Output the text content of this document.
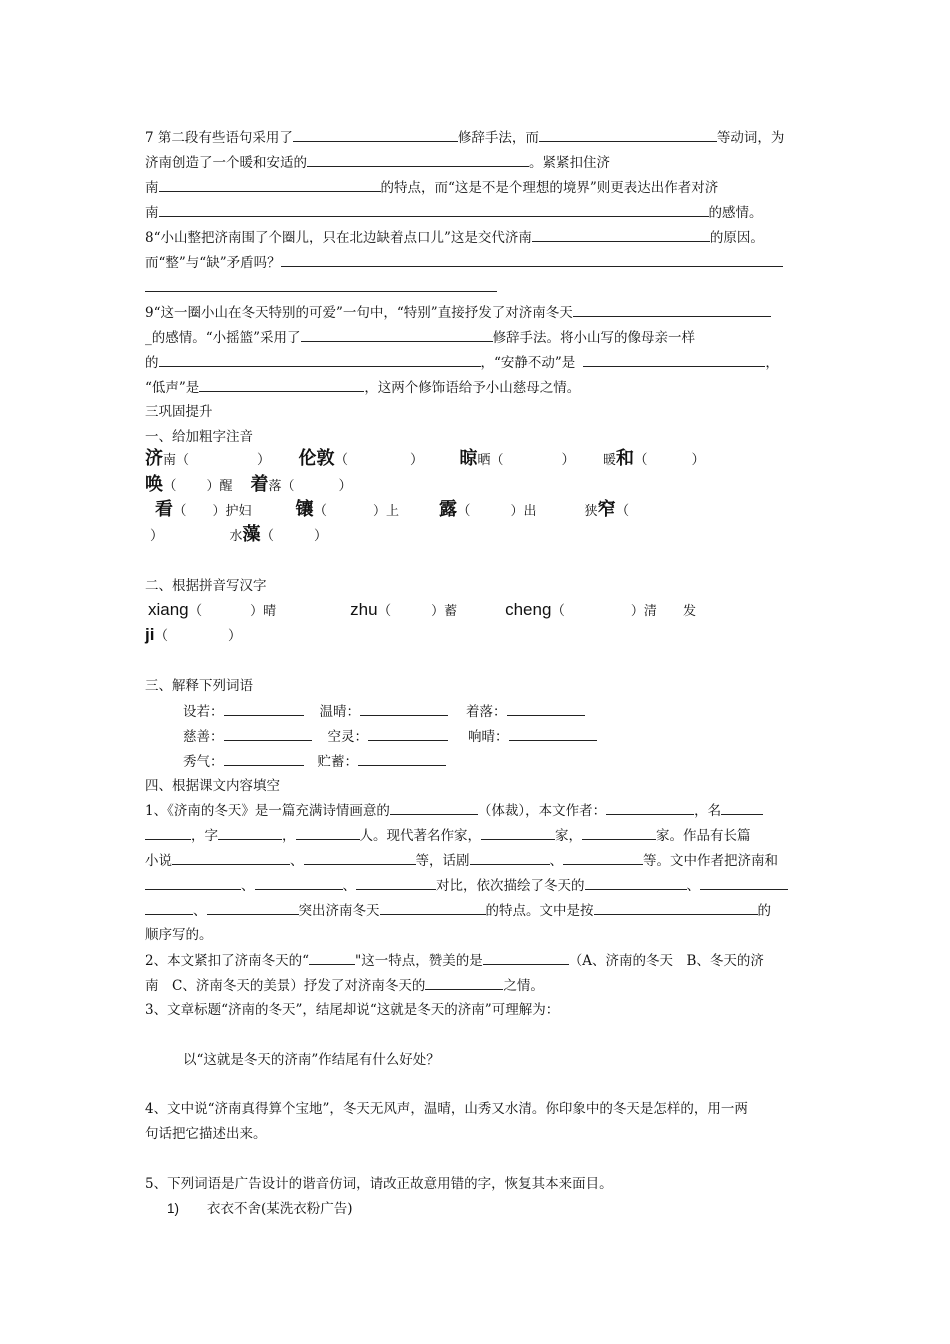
7 第二段有些语句采用了	修辞手法，而	等动词，为
济南创造了一个暖和安适的	。紧紧扣住济
南	的特点，而“这是不是个理想的境界”则更表达出作者对济
南	的感情。
8“小山整把济南围了个圈儿，只在北边缺着点口儿”这是交代济南	的原因。
而“整”与“缺”矛盾吗？
9“这一圈小山在冬天特别的可爱”一句中，“特别”直接抒发了对济南冬天
_的感情。“小摇篮”采用了	修辞手法。将小山写的像母亲一样
的	，“安静不动”是	，
“低声”是	，这两个修饰语给予小山慈母之情。
三巩固提升
一、给加粗字注音
济南（	） 伦敦（	） 晾晒（	） 暖和（	）
唤（ ）醒 着落（	）
看（ ）护妇 镶（	）上 露（	）出	狭窄（
）	水藻（	）
二、根据拼音写汉字
xiang（	）晴	zhu（	）蓄	cheng（	）清 发
ji（	）
三、解释下列词语
设若：	温晴：	着落：
慈善：	空灵：	响晴：
秀气：	贮蓄：
四、根据课文内容填空
1、《济南的冬天》是一篇充满诗情画意的	（体裁），本文作者：	，名
，字	，	人。现代著名作家，	家，	家。作品有长篇
小说	、	等，话剧	、	等。文中作者把济南和
、	、	对比，依次描绘了冬天的	、
、	突出济南冬天	的特点。文中是按	的
顺序写的。
2、本文紧扣了济南冬天的“	"这一特点，赞美的是	（A、济南的冬天　B、冬天的济
南　C、济南冬天的美景）抒发了对济南冬天的	之情。
3、文章标题“济南的冬天”，结尾却说“这就是冬天的济南”可理解为：
以“这就是冬天的济南”作结尾有什么好处？
4、文中说“济南真得算个宝地”，冬天无风声，温晴，山秀又水清。你印象中的冬天是怎样的，用一两
句话把它描述出来。
5、下列词语是广告设计的谐音仿词，请改正故意用错的字，恢复其本来面目。
1) 衣衣不舍(某洗衣粉广告)
